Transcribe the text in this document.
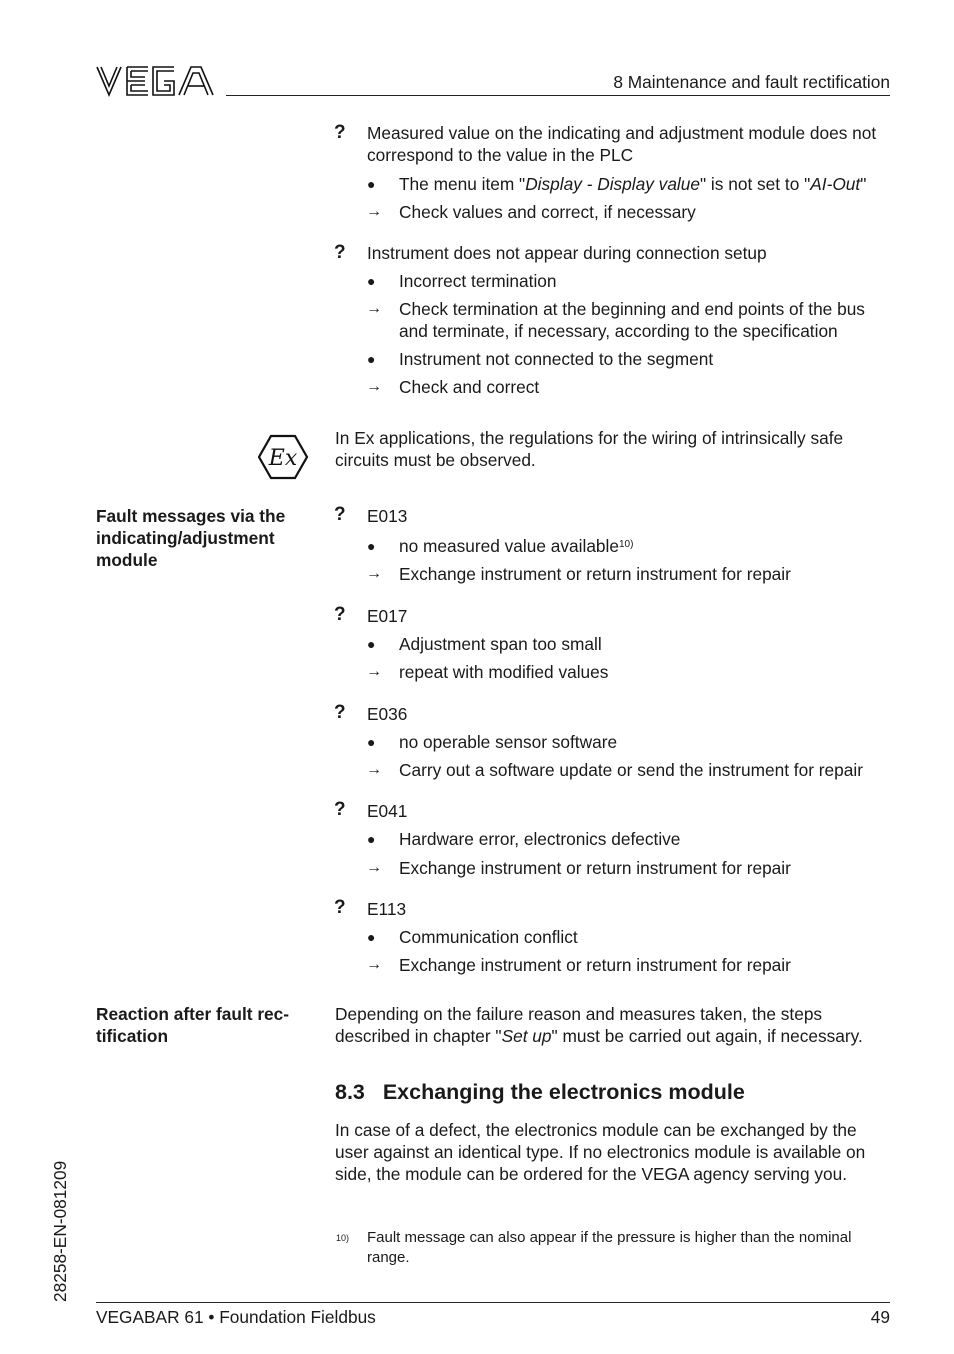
8 Maintenance and fault rectification
? Measured value on the indicating and adjustment module does not correspond to the value in the PLC
●	The menu item "Display - Display value" is not set to "AI-Out"
→ Check values and correct, if necessary
? Instrument does not appear during connection setup
●	Incorrect termination
→ Check termination at the beginning and end points of the bus and terminate, if necessary, according to the specification
●	Instrument not connected to the segment
→ Check and correct
Ex
In Ex applications, the regulations for the wiring of intrinsically safe circuits must be observed.
Fault messages via the indicating/adjustment module
? E013
●	no measured value available$^{10)}$
→ Exchange instrument or return instrument for repair
? E017
●	Adjustment span too small
→ repeat with modified values
? E036
●	no operable sensor software
→ Carry out a software update or send the instrument for repair
? E041
●	Hardware error, electronics defective
→ Exchange instrument or return instrument for repair
? E113
●	Communication conflict
→ Exchange instrument or return instrument for repair
Reaction after fault rec-tification
Depending on the failure reason and measures taken, the steps described in chapter "Set up" must be carried out again, if necessary.
8.3 Exchanging the electronics module
In case of a defect, the electronics module can be exchanged by the user against an identical type. If no electronics module is available on side, the module can be ordered for the VEGA agency serving you.
10) Fault message can also appear if the pressure is higher than the nominal range.
VEGABAR 61 • Foundation Fieldbus	49
28258-EN-081209
